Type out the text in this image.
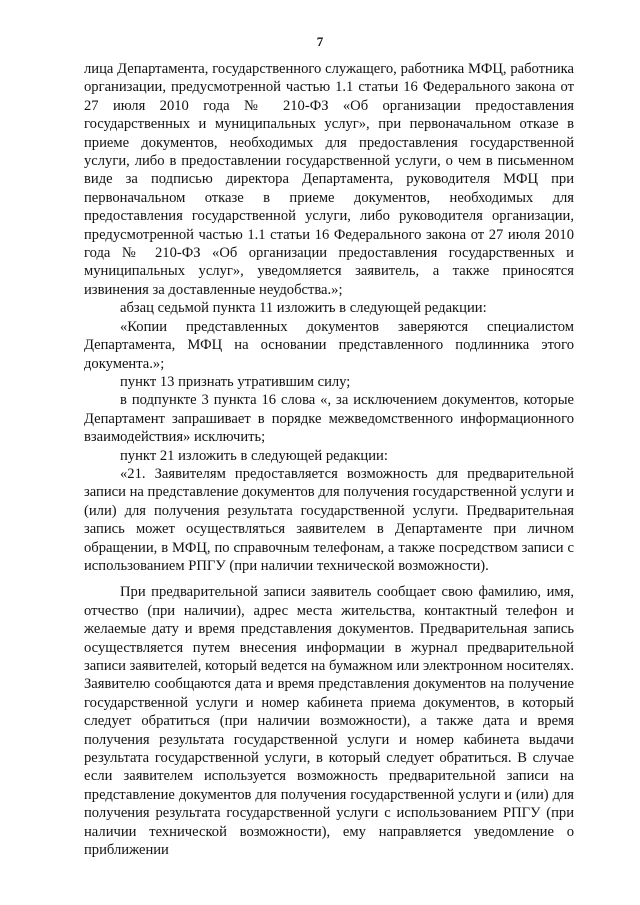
7

лица Департамента, государственного служащего, работника МФЦ, работника организации, предусмотренной частью 1.1 статьи 16 Федерального закона от 27 июля 2010 года № 210-ФЗ «Об организации предоставления государственных и муниципальных услуг», при первоначальном отказе в приеме документов, необходимых для предоставления государственной услуги, либо в предоставлении государственной услуги, о чем в письменном виде за подписью директора Департамента, руководителя МФЦ при первоначальном отказе в приеме документов, необходимых для предоставления государственной услуги, либо руководителя организации, предусмотренной частью 1.1 статьи 16 Федерального закона от 27 июля 2010 года № 210-ФЗ «Об организации предоставления государственных и муниципальных услуг», уведомляется заявитель, а также приносятся извинения за доставленные неудобства.»;

абзац седьмой пункта 11 изложить в следующей редакции:

«Копии представленных документов заверяются специалистом Департамента, МФЦ на основании представленного подлинника этого документа.»;

пункт 13 признать утратившим силу;

в подпункте 3 пункта 16 слова «, за исключением документов, которые Департамент запрашивает в порядке межведомственного информационного взаимодействия» исключить;

пункт 21 изложить в следующей редакции:

«21. Заявителям предоставляется возможность для предварительной записи на представление документов для получения государственной услуги и (или) для получения результата государственной услуги. Предварительная запись может осуществляться заявителем в Департаменте при личном обращении, в МФЦ, по справочным телефонам, а также посредством записи с использованием РПГУ (при наличии технической возможности).

При предварительной записи заявитель сообщает свою фамилию, имя, отчество (при наличии), адрес места жительства, контактный телефон и желаемые дату и время представления документов. Предварительная запись осуществляется путем внесения информации в журнал предварительной записи заявителей, который ведется на бумажном или электронном носителях. Заявителю сообщаются дата и время представления документов на получение государственной услуги и номер кабинета приема документов, в который следует обратиться (при наличии возможности), а также дата и время получения результата государственной услуги и номер кабинета выдачи результата государственной услуги, в который следует обратиться. В случае если заявителем используется возможность предварительной записи на представление документов для получения государственной услуги и (или) для получения результата государственной услуги с использованием РПГУ (при наличии технической возможности), ему направляется уведомление о приближении
